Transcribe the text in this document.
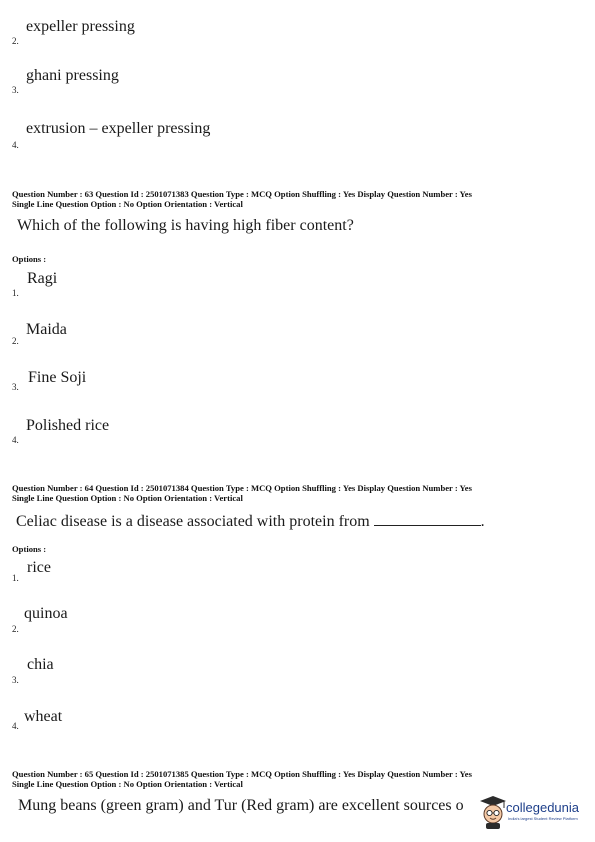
expeller pressing
2.
ghani pressing
3.
extrusion – expeller pressing
4.
Question Number : 63 Question Id : 2501071383 Question Type : MCQ Option Shuffling : Yes Display Question Number : Yes
Single Line Question Option : No Option Orientation : Vertical
Which of the following is having high fiber content?
Options :
Ragi
1.
Maida
2.
Fine Soji
3.
Polished rice
4.
Question Number : 64 Question Id : 2501071384 Question Type : MCQ Option Shuffling : Yes Display Question Number : Yes
Single Line Question Option : No Option Orientation : Vertical
Celiac disease is a disease associated with protein from	.
Options :
rice
1.
quinoa
2.
chia
3.
wheat
4.
Question Number : 65 Question Id : 2501071385 Question Type : MCQ Option Shuffling : Yes Display Question Number : Yes
Single Line Question Option : No Option Orientation : Vertical
Mung beans (green gram) and Tur (Red gram) are excellent sources o	collegedunia
India's largest Student Review Platform
